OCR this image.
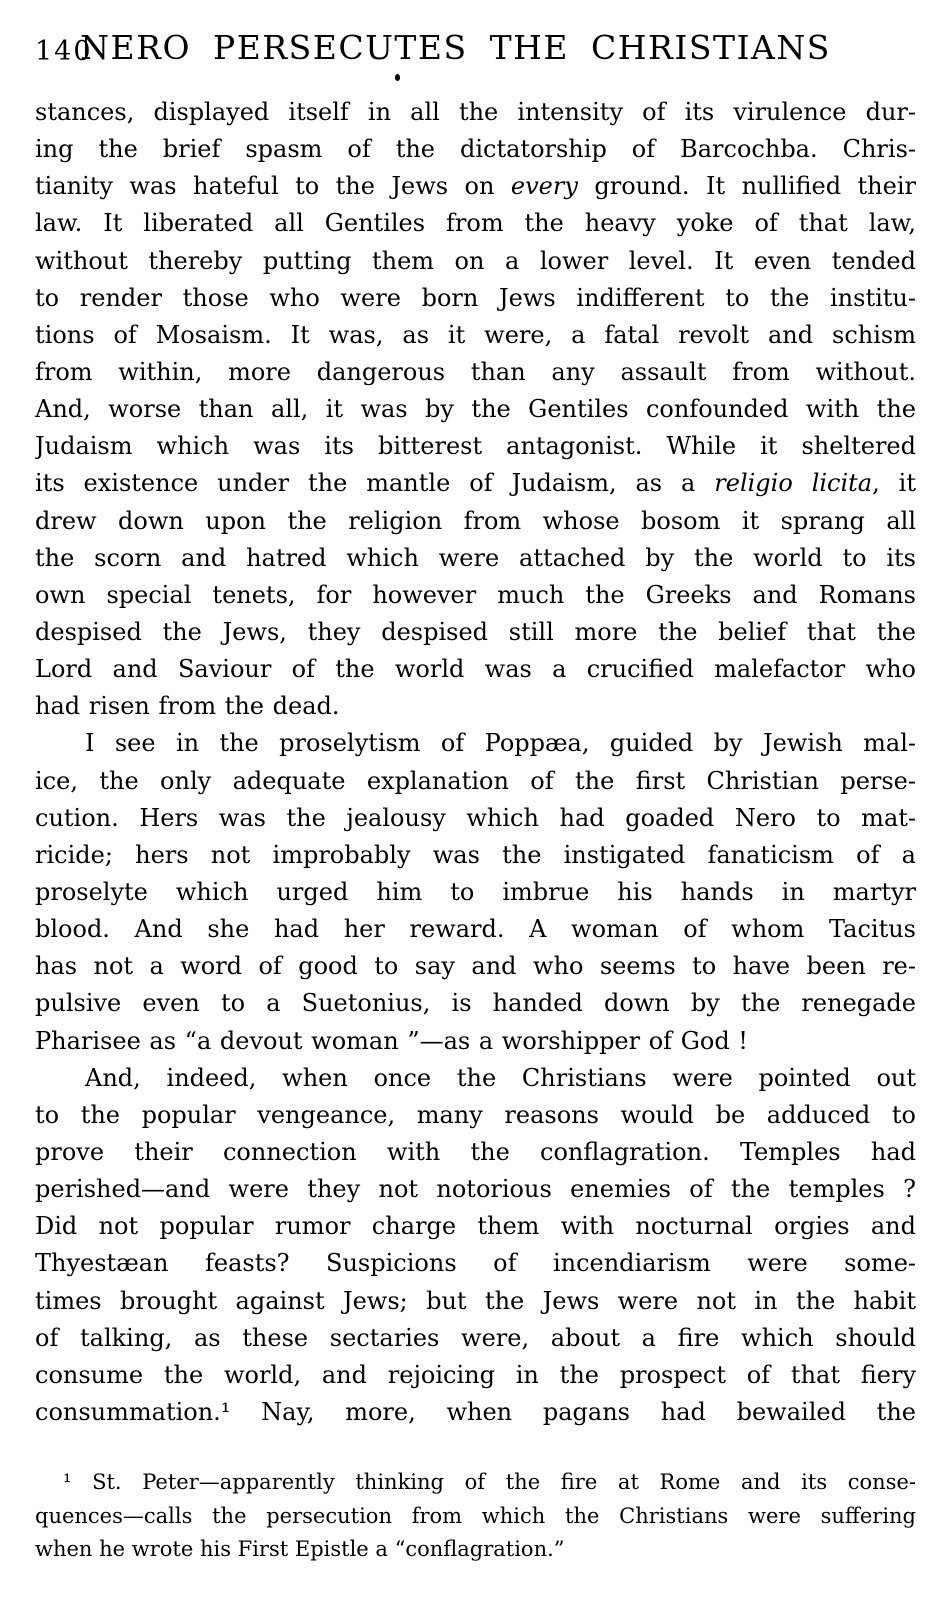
140
NERO PERSECUTES THE CHRISTIANS
stances, displayed itself in all the intensity of its virulence dur-
ing the brief spasm of the dictatorship of Barcochba. Chris-
tianity was hateful to the Jews on every ground. It nullified their
law. It liberated all Gentiles from the heavy yoke of that law,
without thereby putting them on a lower level. It even tended
to render those who were born Jews indifferent to the institu-
tions of Mosaism. It was, as it were, a fatal revolt and schism
from within, more dangerous than any assault from without.
And, worse than all, it was by the Gentiles confounded with the
Judaism which was its bitterest antagonist. While it sheltered
its existence under the mantle of Judaism, as a religio licita, it
drew down upon the religion from whose bosom it sprang all
the scorn and hatred which were attached by the world to its
own special tenets, for however much the Greeks and Romans
despised the Jews, they despised still more the belief that the
Lord and Saviour of the world was a crucified malefactor who
had risen from the dead.
I see in the proselytism of Poppæa, guided by Jewish mal-
ice, the only adequate explanation of the first Christian perse-
cution. Hers was the jealousy which had goaded Nero to mat-
ricide; hers not improbably was the instigated fanaticism of a
proselyte which urged him to imbrue his hands in martyr
blood. And she had her reward. A woman of whom Tacitus
has not a word of good to say and who seems to have been re-
pulsive even to a Suetonius, is handed down by the renegade
Pharisee as “a devout woman ”—as a worshipper of God !
And, indeed, when once the Christians were pointed out
to the popular vengeance, many reasons would be adduced to
prove their connection with the conflagration. Temples had
perished—and were they not notorious enemies of the temples ?
Did not popular rumor charge them with nocturnal orgies and
Thyestæan feasts? Suspicions of incendiarism were some-
times brought against Jews; but the Jews were not in the habit
of talking, as these sectaries were, about a fire which should
consume the world, and rejoicing in the prospect of that fiery
consummation.¹ Nay, more, when pagans had bewailed the
¹ St. Peter—apparently thinking of the fire at Rome and its conse-
quences—calls the persecution from which the Christians were suffering
when he wrote his First Epistle a “conflagration.”
